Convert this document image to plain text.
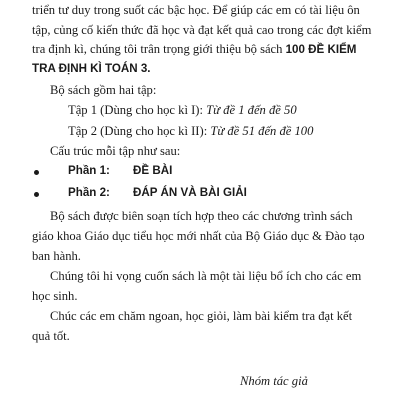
triển tư duy trong suốt các bậc học. Để giúp các em có tài liệu ôn
tập, củng cố kiến thức đã học và đạt kết quả cao trong các đợt kiểm
tra định kì, chúng tôi trân trọng giới thiệu bộ sách 100 ĐỀ KIỂM
TRA ĐỊNH KÌ TOÁN 3.
Bộ sách gồm hai tập:
Tập 1 (Dùng cho học kì I): Từ đề 1 đến đề 50
Tập 2 (Dùng cho học kì II): Từ đề 51 đến đề 100
Cấu trúc mỗi tập như sau:
Phần 1: ĐỀ BÀI
Phần 2: ĐÁP ÁN VÀ BÀI GIẢI
Bộ sách được biên soạn tích hợp theo các chương trình sách
giáo khoa Giáo dục tiểu học mới nhất của Bộ Giáo dục & Đào tạo
ban hành.
Chúng tôi hi vọng cuốn sách là một tài liệu bổ ích cho các em
học sinh.
Chúc các em chăm ngoan, học giỏi, làm bài kiểm tra đạt kết
quả tốt.
Nhóm tác giả
